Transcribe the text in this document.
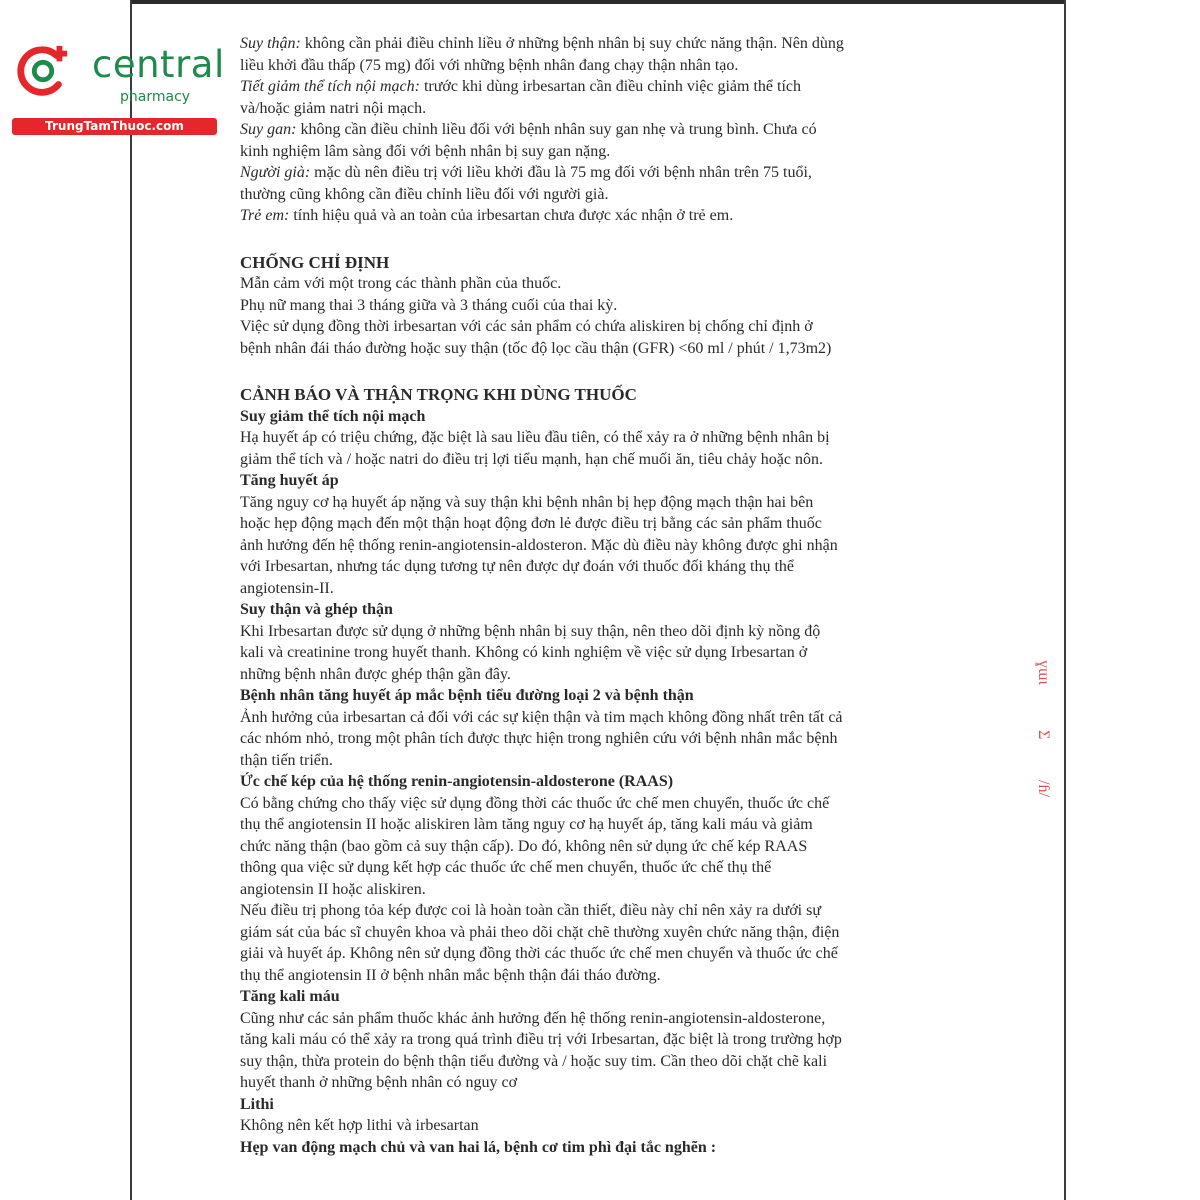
central
pharmacy
TrungTamThuoc.com
Suy thận: không cần phải điều chỉnh liều ở những bệnh nhân bị suy chức năng thận. Nên dùng
liều khởi đầu thấp (75 mg) đối với những bệnh nhân đang chạy thận nhân tạo.
Tiết giảm thể tích nội mạch: trước khi dùng irbesartan cần điều chỉnh việc giảm thể tích
và/hoặc giảm natri nội mạch.
Suy gan: không cần điều chỉnh liều đối với bệnh nhân suy gan nhẹ và trung bình. Chưa có
kinh nghiệm lâm sàng đối với bệnh nhân bị suy gan nặng.
Người già: mặc dù nên điều trị với liều khởi đầu là 75 mg đối với bệnh nhân trên 75 tuổi,
thường cũng không cần điều chỉnh liều đối với người già.
Trẻ em: tính hiệu quả và an toàn của irbesartan chưa được xác nhận ở trẻ em.
CHỐNG CHỈ ĐỊNH
Mẫn cảm với một trong các thành phần của thuốc.
Phụ nữ mang thai 3 tháng giữa và 3 tháng cuối của thai kỳ.
Việc sử dụng đồng thời irbesartan với các sản phẩm có chứa aliskiren bị chống chỉ định ở
bệnh nhân đái tháo đường hoặc suy thận (tốc độ lọc cầu thận (GFR) <60 ml / phút / 1,73m2)
CẢNH BÁO VÀ THẬN TRỌNG KHI DÙNG THUỐC
Suy giảm thể tích nội mạch
Hạ huyết áp có triệu chứng, đặc biệt là sau liều đầu tiên, có thể xảy ra ở những bệnh nhân bị
giảm thể tích và / hoặc natri do điều trị lợi tiểu mạnh, hạn chế muối ăn, tiêu chảy hoặc nôn.
Tăng huyết áp
Tăng nguy cơ hạ huyết áp nặng và suy thận khi bệnh nhân bị hẹp động mạch thận hai bên
hoặc hẹp động mạch đến một thận hoạt động đơn lẻ được điều trị bằng các sản phẩm thuốc
ảnh hưởng đến hệ thống renin-angiotensin-aldosteron. Mặc dù điều này không được ghi nhận
với Irbesartan, nhưng tác dụng tương tự nên được dự đoán với thuốc đối kháng thụ thể
angiotensin-II.
Suy thận và ghép thận
Khi Irbesartan được sử dụng ở những bệnh nhân bị suy thận, nên theo dõi định kỳ nồng độ
kali và creatinine trong huyết thanh. Không có kinh nghiệm về việc sử dụng Irbesartan ở
những bệnh nhân được ghép thận gần đây.
Bệnh nhân tăng huyết áp mắc bệnh tiểu đường loại 2 và bệnh thận
Ảnh hưởng của irbesartan cả đối với các sự kiện thận và tim mạch không đồng nhất trên tất cả
các nhóm nhỏ, trong một phân tích được thực hiện trong nghiên cứu với bệnh nhân mắc bệnh
thận tiến triển.
Ức chế kép của hệ thống renin-angiotensin-aldosterone (RAAS)
Có bằng chứng cho thấy việc sử dụng đồng thời các thuốc ức chế men chuyển, thuốc ức chế
thụ thể angiotensin II hoặc aliskiren làm tăng nguy cơ hạ huyết áp, tăng kali máu và giảm
chức năng thận (bao gồm cả suy thận cấp). Do đó, không nên sử dụng ức chế kép RAAS
thông qua việc sử dụng kết hợp các thuốc ức chế men chuyển, thuốc ức chế thụ thể
angiotensin II hoặc aliskiren.
Nếu điều trị phong tỏa kép được coi là hoàn toàn cần thiết, điều này chỉ nên xảy ra dưới sự
giám sát của bác sĩ chuyên khoa và phải theo dõi chặt chẽ thường xuyên chức năng thận, điện
giải và huyết áp. Không nên sử dụng đồng thời các thuốc ức chế men chuyển và thuốc ức chế
thụ thể angiotensin II ở bệnh nhân mắc bệnh thận đái tháo đường.
Tăng kali máu
Cũng như các sản phẩm thuốc khác ảnh hưởng đến hệ thống renin-angiotensin-aldosterone,
tăng kali máu có thể xảy ra trong quá trình điều trị với Irbesartan, đặc biệt là trong trường hợp
suy thận, thừa protein do bệnh thận tiểu đường và / hoặc suy tim. Cần theo dõi chặt chẽ kali
huyết thanh ở những bệnh nhân có nguy cơ
Lithi
Không nên kết hợp lithi và irbesartan
Hẹp van động mạch chủ và van hai lá, bệnh cơ tim phì đại tắc nghẽn :
ɣɯɩ
Ʃ
/ɦ/
